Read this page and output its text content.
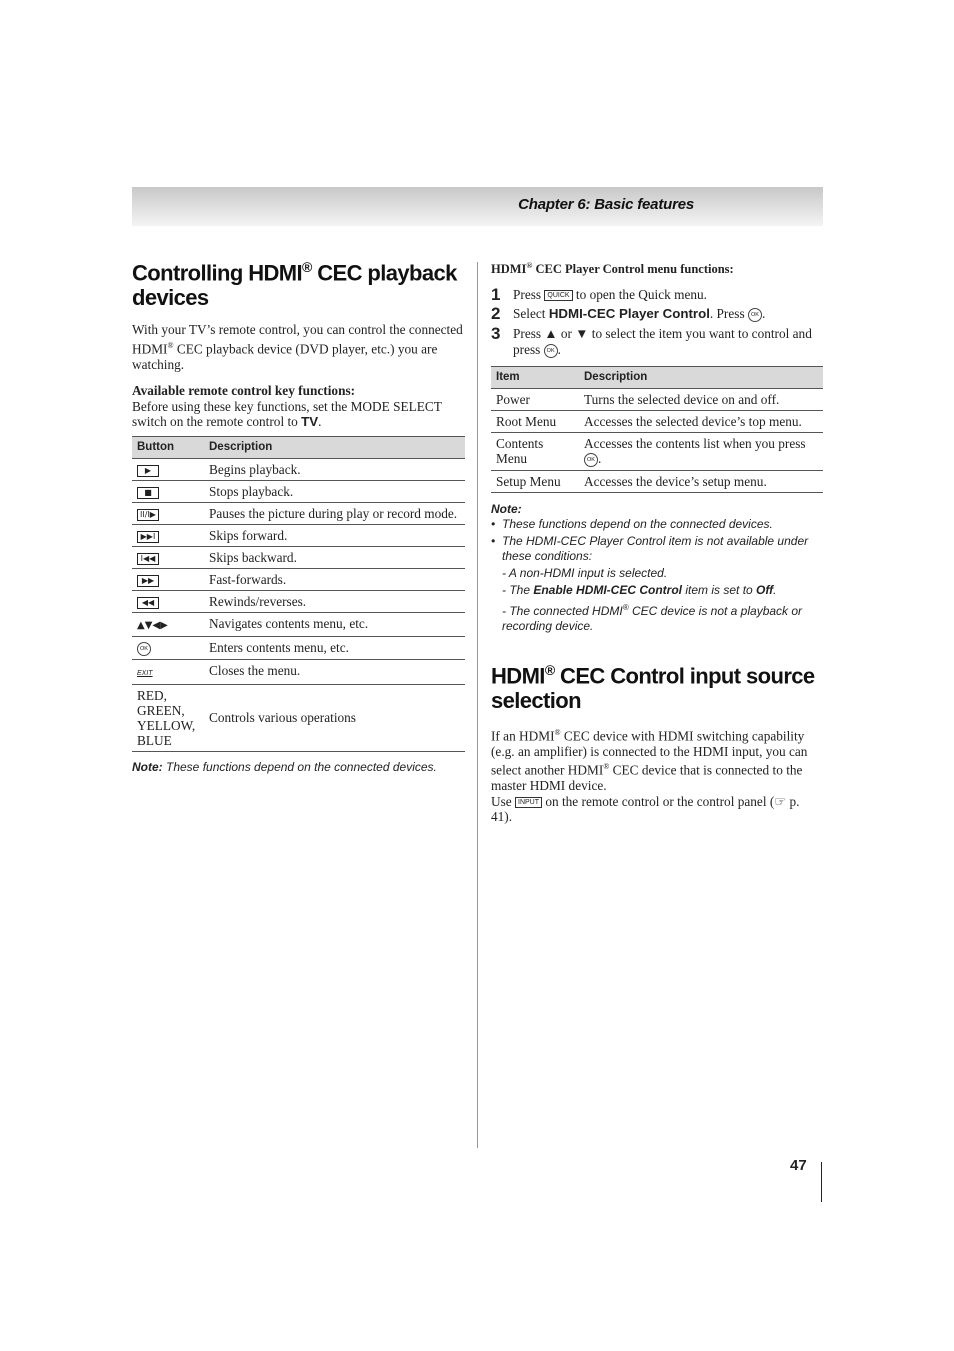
Chapter 6: Basic features
Controlling HDMI® CEC playback devices

With your TV’s remote control, you can control the connected HDMI® CEC playback device (DVD player, etc.) you are watching.

Available remote control key functions:

Before using these key functions, set the MODE SELECT switch on the remote control to TV.

Button	Description
▶	Begins playback.
■	Stops playback.
II/I▶	Pauses the picture during play or record mode.
▶▶I	Skips forward.
I◀◀	Skips backward.
▶▶	Fast-forwards.
◀◀	Rewinds/reverses.
▲▼◀▶	Navigates contents menu, etc.
OK	Enters contents menu, etc.
EXIT	Closes the menu.
RED, GREEN, YELLOW, BLUE	Controls various operations

Note: These functions depend on the connected devices.

HDMI® CEC Player Control menu functions:

1 Press QUICK to open the Quick menu.
2 Select HDMI-CEC Player Control. Press OK .
3 Press ▲ or ▼ to select the item you want to control and press OK .
Item	Description
Power	Turns the selected device on and off.
Root Menu	Accesses the selected device’s top menu.
Contents Menu	Accesses the contents list when you press OK .
Setup Menu	Accesses the device’s setup menu.
Note:
• These functions depend on the connected devices.
• The HDMI-CEC Player Control item is not available under these conditions:
- A non-HDMI input is selected.
- The Enable HDMI-CEC Control item is set to Off.
- The connected HDMI® CEC device is not a playback or recording device.
HDMI® CEC Control input source selection

If an HDMI® CEC device with HDMI switching capability (e.g. an amplifier) is connected to the HDMI input, you can select another HDMI® CEC device that is connected to the master HDMI device.

Use INPUT on the remote control or the control panel (☞ p. 41).

47
